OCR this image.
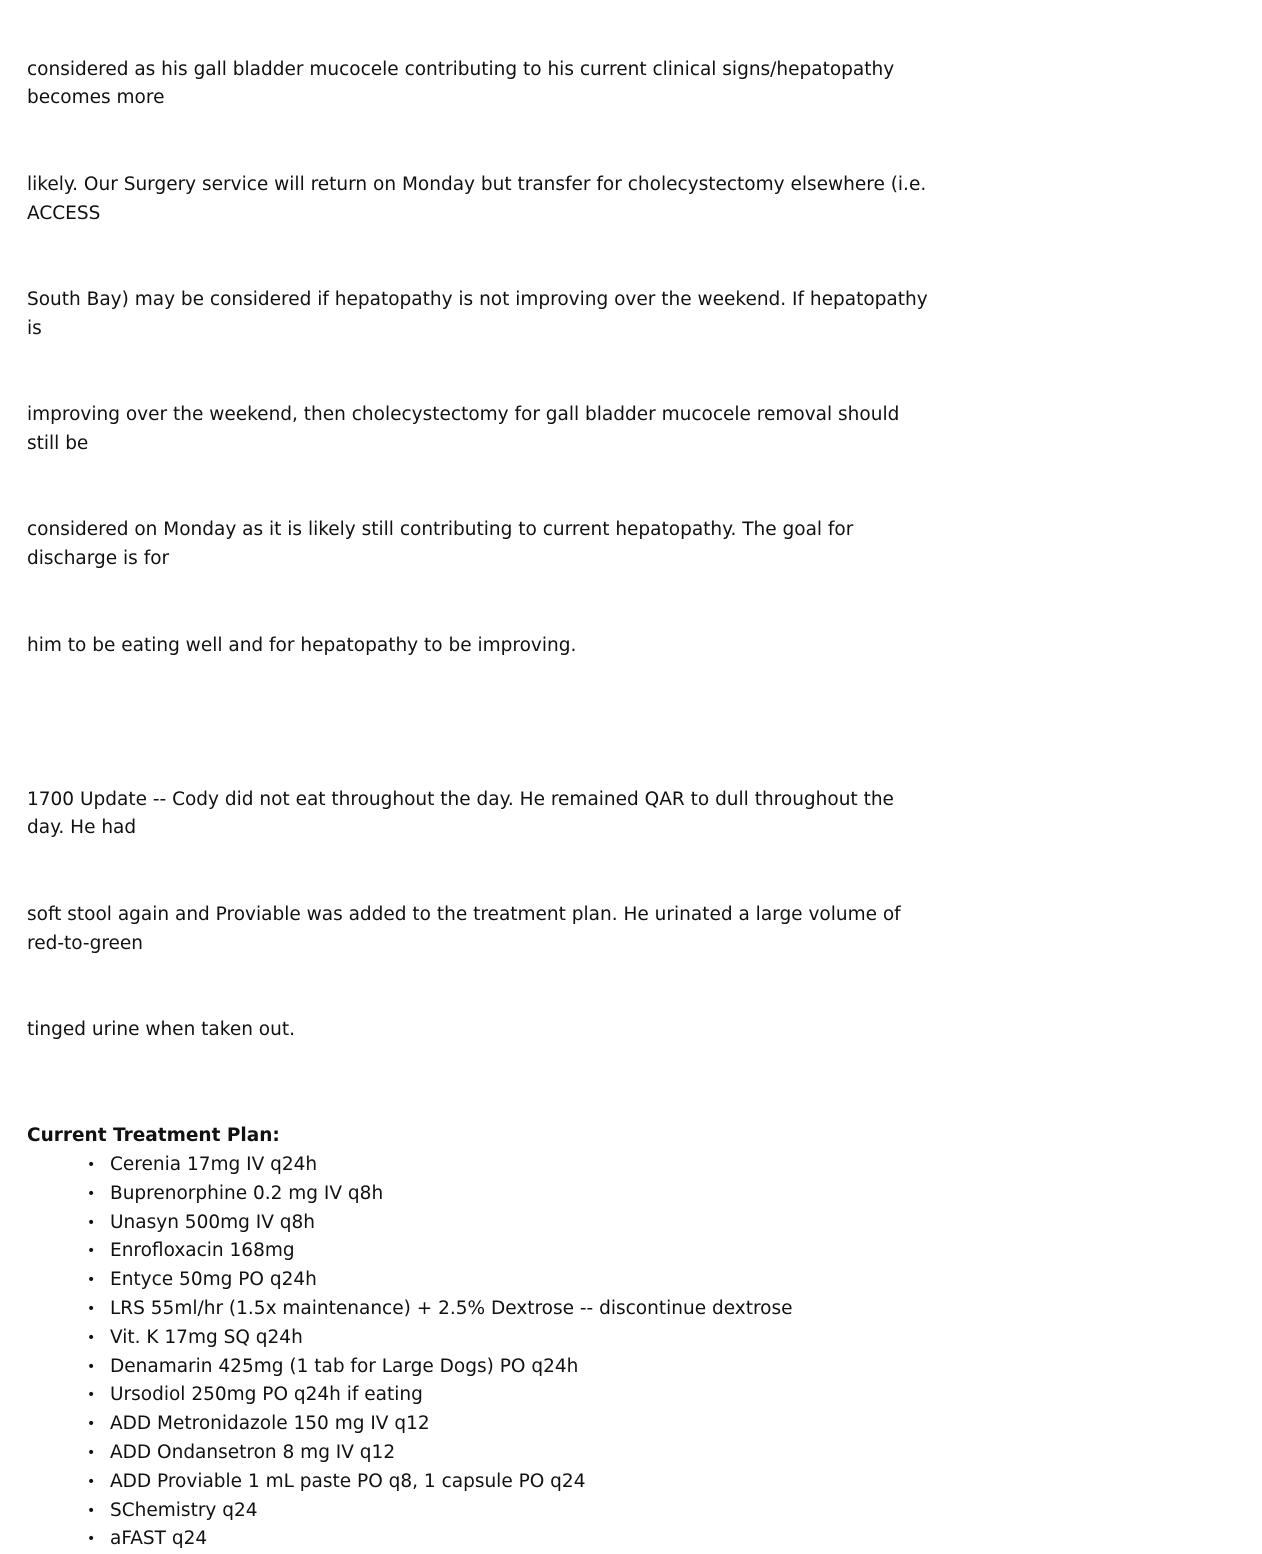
considered as his gall bladder mucocele contributing to his current clinical signs/hepatopathy becomes more

likely. Our Surgery service will return on Monday but transfer for cholecystectomy elsewhere (i.e. ACCESS

South Bay) may be considered if hepatopathy is not improving over the weekend. If hepatopathy is

improving over the weekend, then cholecystectomy for gall bladder mucocele removal should still be

considered on Monday as it is likely still contributing to current hepatopathy. The goal for discharge is for

him to be eating well and for hepatopathy to be improving.

1700 Update -- Cody did not eat throughout the day. He remained QAR to dull throughout the day. He had

soft stool again and Proviable was added to the treatment plan. He urinated a large volume of red-to-green

tinged urine when taken out.

Current Treatment Plan:
• Cerenia 17mg IV q24h
• Buprenorphine 0.2 mg IV q8h
• Unasyn 500mg IV q8h
• Enrofloxacin 168mg
• Entyce 50mg PO q24h
• LRS 55ml/hr (1.5x maintenance) + 2.5% Dextrose -- discontinue dextrose
• Vit. K 17mg SQ q24h
• Denamarin 425mg (1 tab for Large Dogs) PO q24h
• Ursodiol 250mg PO q24h if eating
• ADD Metronidazole 150 mg IV q12
• ADD Ondansetron 8 mg IV q12
• ADD Proviable 1 mL paste PO q8, 1 capsule PO q24
• SChemistry q24
• aFAST q24
